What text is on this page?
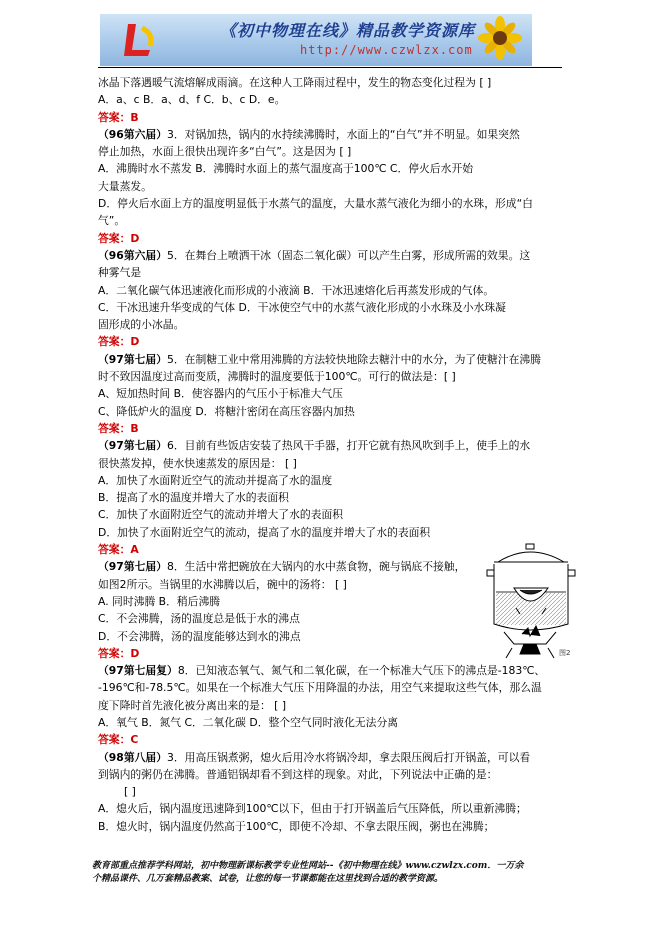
《初中物理在线》精品教学资源库
http://www.czwlzx.com
冰晶下落遇暖气流熔解成雨滴。在这种人工降雨过程中，发生的物态变化过程为 [ ]
A．a、c B．a、d、f C．b、c D．e。
答案：B
（96第六届）3．对锅加热，锅内的水持续沸腾时，水面上的“白气”并不明显。如果突然
停止加热，水面上很快出现许多“白气”。这是因为 [ ]
A．沸腾时水不蒸发 B．沸腾时水面上的蒸气温度高于100℃ C．停火后水开始
大量蒸发。
D．停火后水面上方的温度明显低于水蒸气的温度，大量水蒸气液化为细小的水珠，形成“白
气”。
答案：D
（96第六届）5．在舞台上喷洒干冰（固态二氧化碳）可以产生白雾，形成所需的效果。这
种雾气是
A．二氧化碳气体迅速液化而形成的小液滴 B．干冰迅速熔化后再蒸发形成的气体。
C．干冰迅速升华变成的气体 D．干冰使空气中的水蒸气液化形成的小水珠及小水珠凝
固形成的小冰晶。
答案：D
（97第七届）5．在制糖工业中常用沸腾的方法较快地除去糖汁中的水分，为了使糖汁在沸腾
时不致因温度过高而变质，沸腾时的温度要低于100℃。可行的做法是：[ ]
A、短加热时间 B．使容器内的气压小于标准大气压
C、降低炉火的温度 D．将糖汁密闭在高压容器内加热
答案：B
（97第七届）6．目前有些饭店安装了热风干手器，打开它就有热风吹到手上，使手上的水
很快蒸发掉，使水快速蒸发的原因是： [ ]
A．加快了水面附近空气的流动并提高了水的温度
B．提高了水的温度并增大了水的表面积
C．加快了水面附近空气的流动并增大了水的表面积
D．加快了水面附近空气的流动，提高了水的温度并增大了水的表面积
答案：A
（97第七届）8．生活中常把碗放在大锅内的水中蒸食物，碗与锅底不接触，
如图2所示。当锅里的水沸腾以后，碗中的汤将： [ ]
A. 同时沸腾 B．稍后沸腾
C．不会沸腾，汤的温度总是低于水的沸点
D．不会沸腾，汤的温度能够达到水的沸点
答案：D
（97第七届复）8．已知液态氧气、氮气和二氧化碳，在一个标准大气压下的沸点是-183℃、
-196℃和-78.5℃。如果在一个标准大气压下用降温的办法，用空气来提取这些气体，那么温
度下降时首先液化被分离出来的是： [ ]
A．氧气 B．氮气 C．二氧化碳 D．整个空气同时液化无法分离
答案：C
（98第八届）3．用高压锅煮粥，熄火后用冷水将锅冷却，拿去限压阀后打开锅盖，可以看
到锅内的粥仍在沸腾。普通铝锅却看不到这样的现象。对此，下列说法中正确的是：
[ ]
A．熄火后，锅内温度迅速降到100℃以下，但由于打开锅盖后气压降低，所以重新沸腾；
B．熄火时，锅内温度仍然高于100℃，即使不冷却、不拿去限压阀，粥也在沸腾；
图2
教育部重点推荐学科网站，初中物理新课标教学专业性网站--《初中物理在线》www.czwlzx.com．一万余
个精品课件、几万套精品教案、试卷，让您的每一节课都能在这里找到合适的教学资源。
